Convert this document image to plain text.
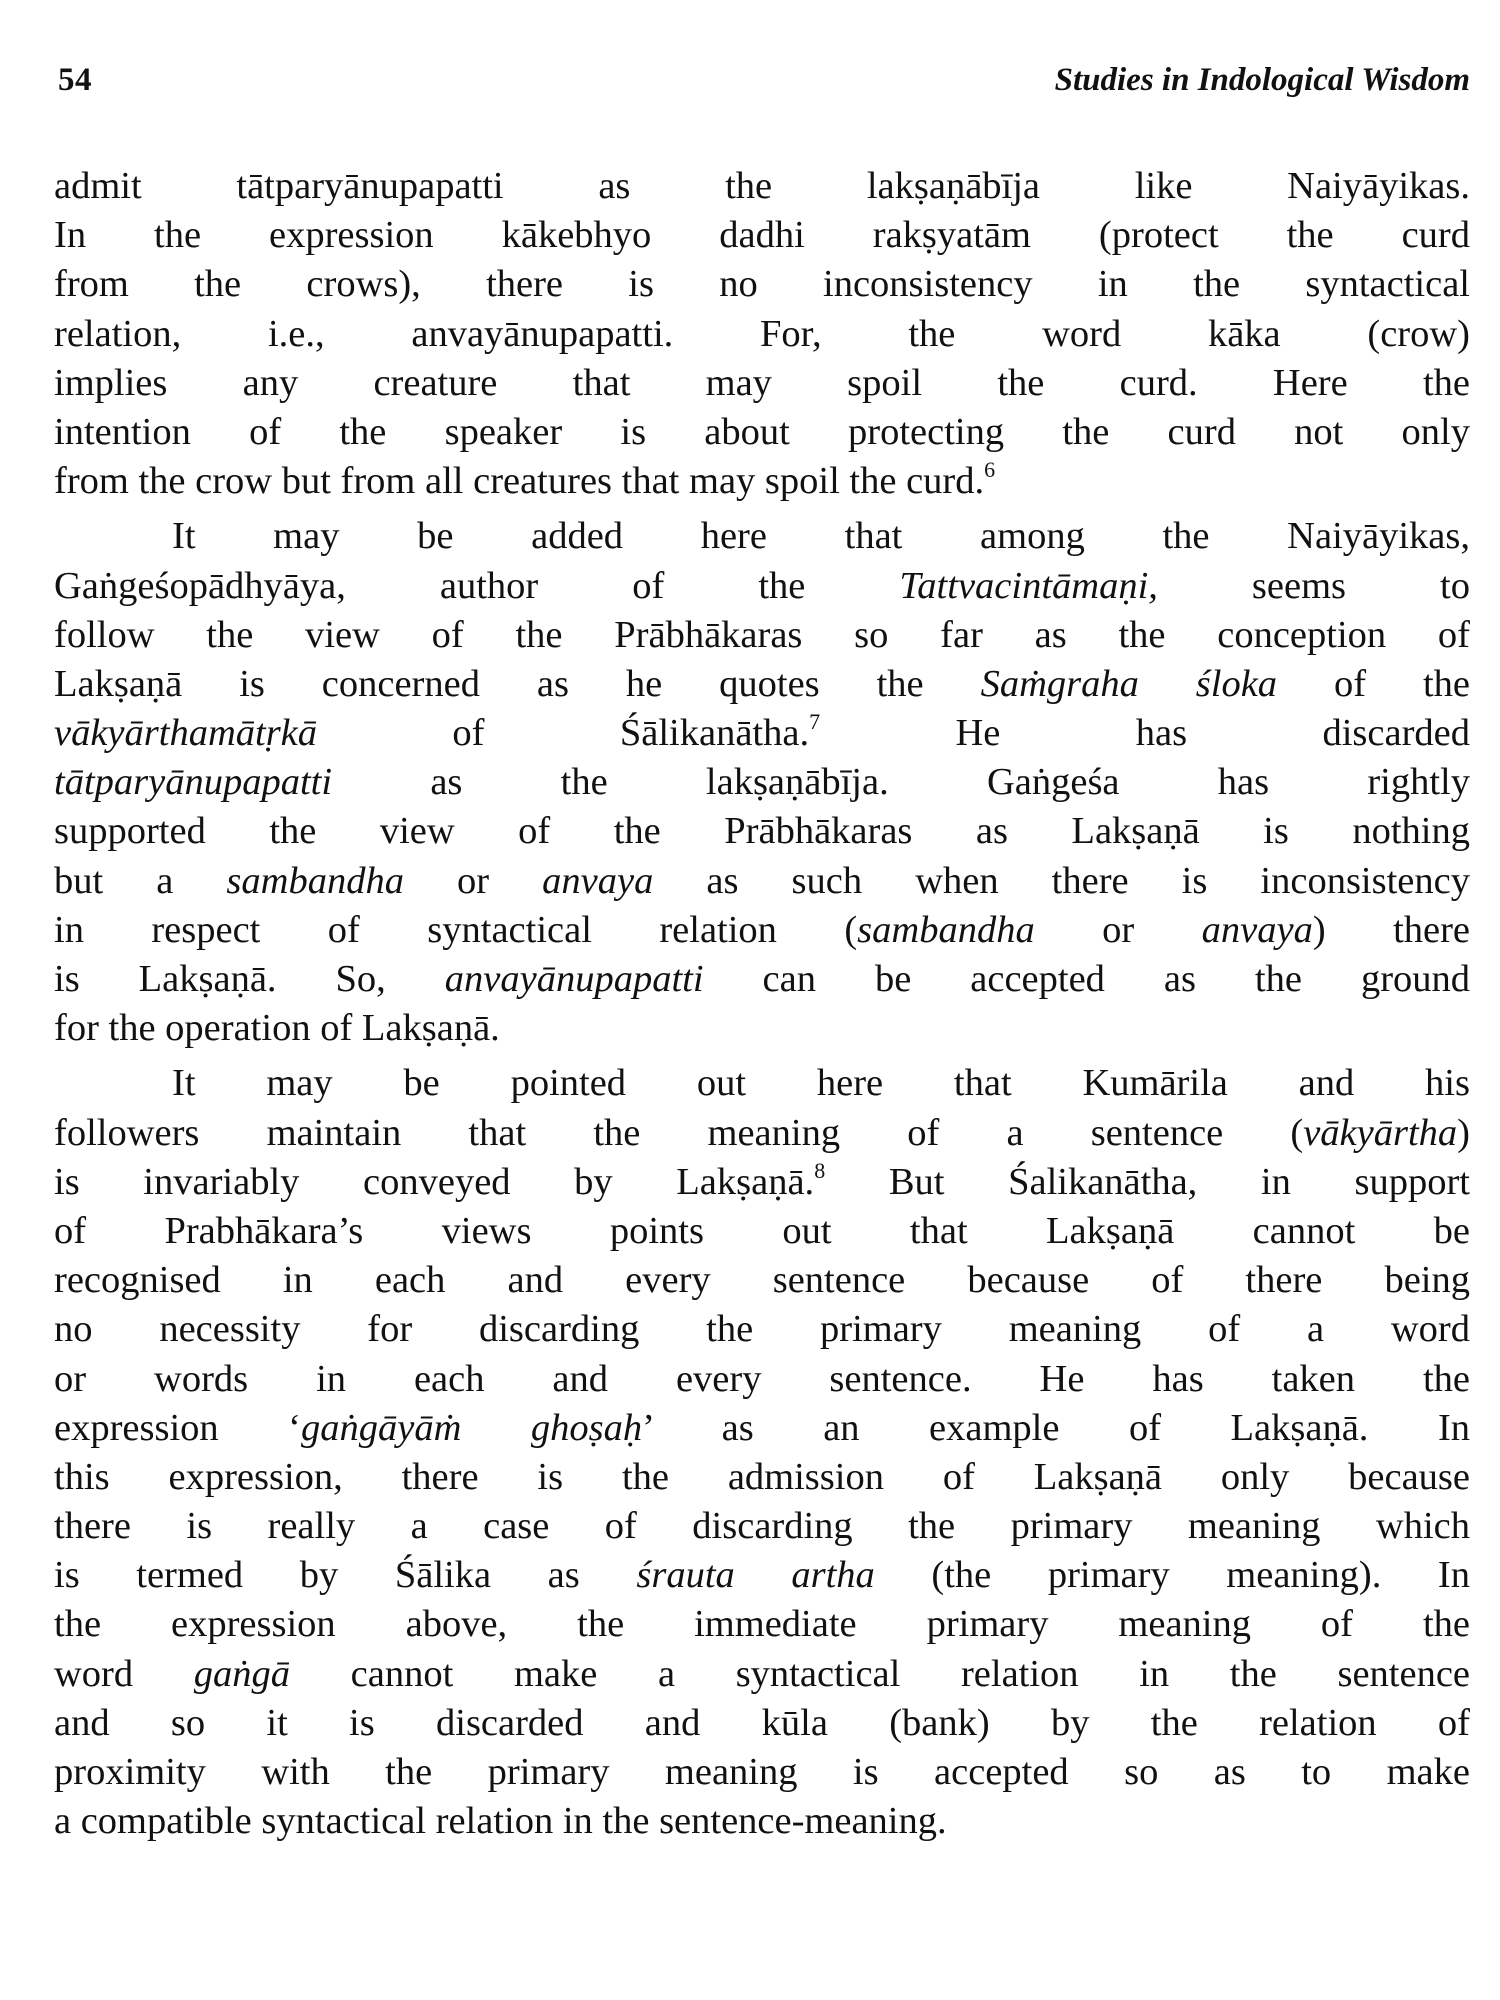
54	Studies in Indological Wisdom
admit tātparyānupapatti as the lakṣaṇābīja like Naiyāyikas.
In the expression kākebhyo dadhi rakṣyatām (protect the curd
from the crows), there is no inconsistency in the syntactical
relation, i.e., anvayānupapatti. For, the word kāka (crow)
implies any creature that may spoil the curd. Here the
intention of the speaker is about protecting the curd not only
from the crow but from all creatures that may spoil the curd.$^6$
It may be added here that among the Naiyāyikas,
Gaṅgeśopādhyāya, author of the Tattvacintāmaṇi, seems to
follow the view of the Prābhākaras so far as the conception of
Lakṣaṇā is concerned as he quotes the Saṁgraha śloka of the
vākyārthamātṛkā of Śālikanātha.$^7$ He has discarded
tātparyānupapatti as the lakṣaṇābīja. Gaṅgeśa has rightly
supported the view of the Prābhākaras as Lakṣaṇā is nothing
but a sambandha or anvaya as such when there is inconsistency
in respect of syntactical relation (sambandha or anvaya) there
is Lakṣaṇā. So, anvayānupapatti can be accepted as the ground
for the operation of Lakṣaṇā.
It may be pointed out here that Kumārila and his
followers maintain that the meaning of a sentence (vākyārtha)
is invariably conveyed by Lakṣaṇā.$^8$ But Śalikanātha, in support
of Prabhākara’s views points out that Lakṣaṇā cannot be
recognised in each and every sentence because of there being
no necessity for discarding the primary meaning of a word
or words in each and every sentence. He has taken the
expression ‘gaṅgāyāṁ ghoṣaḥ’ as an example of Lakṣaṇā. In
this expression, there is the admission of Lakṣaṇā only because
there is really a case of discarding the primary meaning which
is termed by Śālika as śrauta artha (the primary meaning). In
the expression above, the immediate primary meaning of the
word gaṅgā cannot make a syntactical relation in the sentence
and so it is discarded and kūla (bank) by the relation of
proximity with the primary meaning is accepted so as to make
a compatible syntactical relation in the sentence-meaning.
